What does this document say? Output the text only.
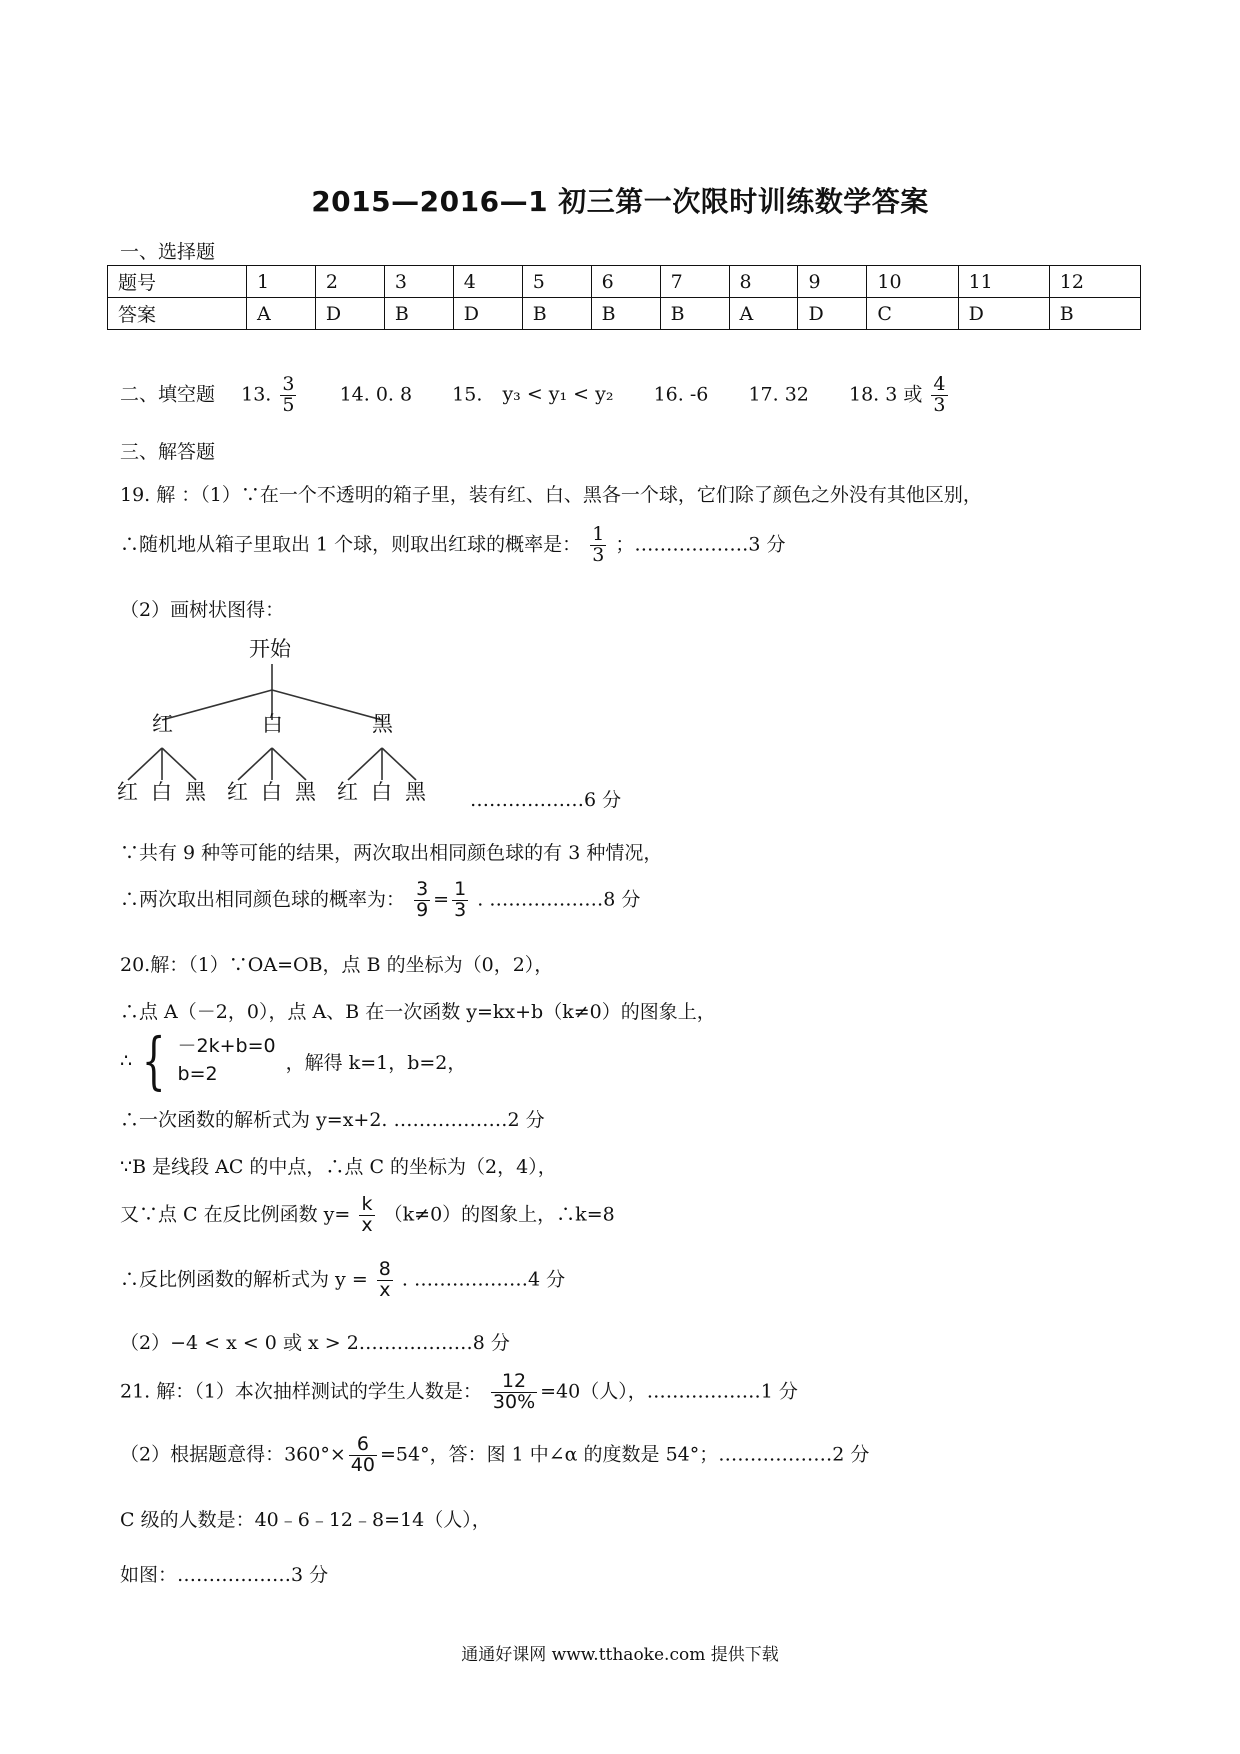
2015—2016—1 初三第一次限时训练数学答案
一、选择题
题号	1	2	3	4	5	6	7	8	9	10	11	12
答案	A	D	B	D	B	B	B	A	D	C	D	B
二、填空题 13. $\frac{3}{5} 14$. 0. 8 15. y₃ < y₁ < y₂ 16. -6 17. 32 18. 3 或 $\frac{4}{3}$
三、解答题
19. 解 ：（1）∵在一个不透明的箱子里，装有红、白、黑各一个球，它们除了颜色之外没有其他区别，
∴随机地从箱子里取出 1 个球，则取出红球的概率是： $\frac{1}{3}$ ；………………3 分
（2）画树状图得：
开始
红	白	黑
红 白 黑 红 白 黑 红 白 黑 ………………6 分
∵共有 9 种等可能的结果，两次取出相同颜色球的有 3 种情况，
∴两次取出相同颜色球的概率为： $\frac{3}{9} = \frac{1}{3}$ . ………………8 分
20.解：（1）∵OA=OB，点 B 的坐标为（0，2），
∴点 A（－2，0），点 A、B 在一次函数 y=kx+b（k≠0）的图象上，
∴ { －2k+b=0
b=2
，解得 k=1，b=2，
∴一次函数的解析式为 y=x+2. ………………2 分
∵B 是线段 AC 的中点，∴点 C 的坐标为（2，4），
又∵点 C 在反比例函数 $y= \frac{k}{x} (k\ne 0)$的图象上，∴k=8
∴反比例函数的解析式为 $y = \frac{8}{x}$ . ………………4 分
（2）−4 < x < 0 或 x > 2………………8 分
21. 解：（1）本次抽样测试的学生人数是： $\frac{12}{30\%} =40$（人），………………1 分
（2）根据题意得：$360^\circ\times \frac{6}{40} =54^\circ$，答：图 1 中∠α 的度数是 54°；………………2 分
C 级的人数是：40﹣6﹣12﹣8=14（人），
如图：………………3 分
通通好课网 www.tthaoke.com 提供下载
